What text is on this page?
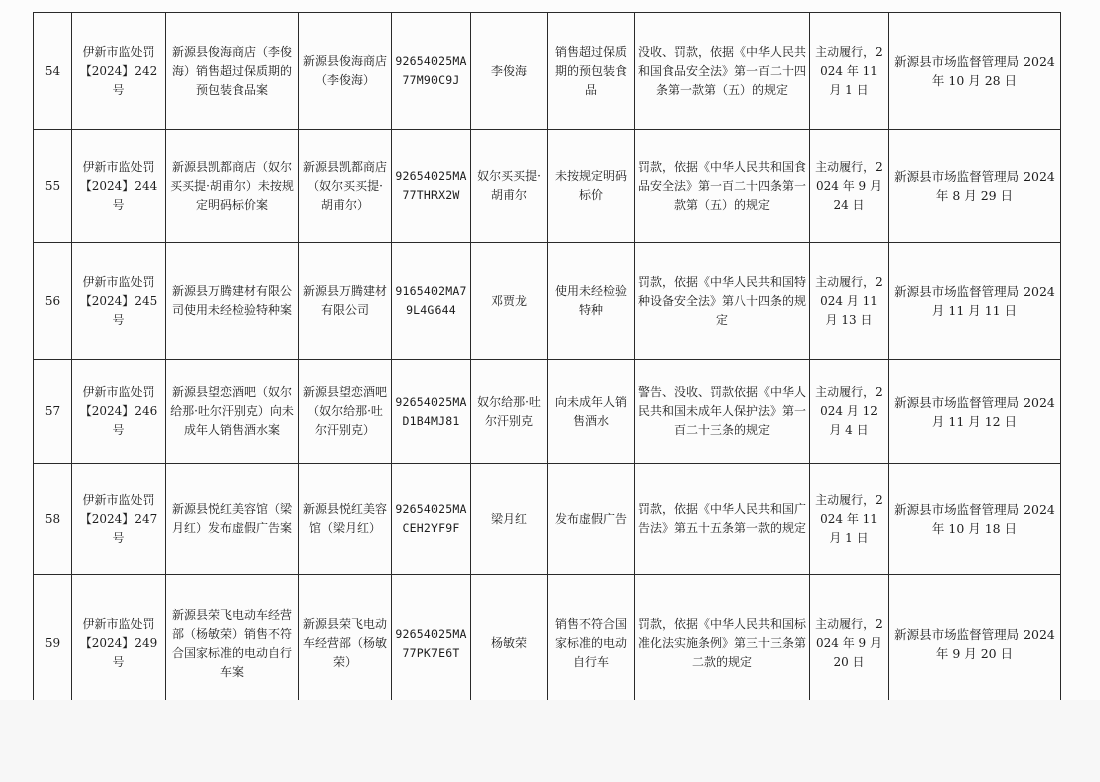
54	伊新市监处罚【2024】242 号	新源县俊海商店（李俊海）销售超过保质期的预包装食品案	新源县俊海商店（李俊海）	92654025MA77M90C9J	李俊海	销售超过保质期的预包装食品	没收、罚款，依据《中华人民共和国食品安全法》第一百二十四条第一款第（五）的规定	主动履行，2024 年 11 月 1 日	新源县市场监督管理局 2024 年 10 月 28 日
55	伊新市监处罚【2024】244 号	新源县凯都商店（奴尔买买提·胡甫尔）未按规定明码标价案	新源县凯都商店（奴尔买买提·胡甫尔）	92654025MA77THRX2W	奴尔买买提·胡甫尔	未按规定明码标价	罚款，依据《中华人民共和国食品安全法》第一百二十四条第一款第（五）的规定	主动履行，2024 年 9 月 24 日	新源县市场监督管理局 2024 年 8 月 29 日
56	伊新市监处罚【2024】245 号	新源县万腾建材有限公司使用未经检验特种案	新源县万腾建材有限公司	9165402MA79L4G644	邓贾龙	使用未经检验特种	罚款，依据《中华人民共和国特种设备安全法》第八十四条的规定	主动履行，2024 月 11 月 13 日	新源县市场监督管理局 2024 月 11 月 11 日
57	伊新市监处罚【2024】246 号	新源县望恋酒吧（奴尔给那·吐尔汗别克）向未成年人销售酒水案	新源县望恋酒吧（奴尔给那·吐尔汗别克）	92654025MAD1B4MJ81	奴尔给那·吐尔汗别克	向未成年人销售酒水	警告、没收、罚款依据《中华人民共和国未成年人保护法》第一百二十三条的规定	主动履行，2024 月 12 月 4 日	新源县市场监督管理局 2024 月 11 月 12 日
58	伊新市监处罚【2024】247 号	新源县悦红美容馆（梁月红）发布虚假广告案	新源县悦红美容馆（梁月红）	92654025MACEH2YF9F	梁月红	发布虚假广告	罚款，依据《中华人民共和国广告法》第五十五条第一款的规定	主动履行，2024 年 11 月 1 日	新源县市场监督管理局 2024 年 10 月 18 日
59	伊新市监处罚【2024】249 号	新源县荣飞电动车经营部（杨敏荣）销售不符合国家标准的电动自行车案	新源县荣飞电动车经营部（杨敏荣）	92654025MA77PK7E6T	杨敏荣	销售不符合国家标准的电动自行车	罚款，依据《中华人民共和国标准化法实施条例》第三十三条第二款的规定	主动履行，2024 年 9 月 20 日	新源县市场监督管理局 2024 年 9 月 20 日
